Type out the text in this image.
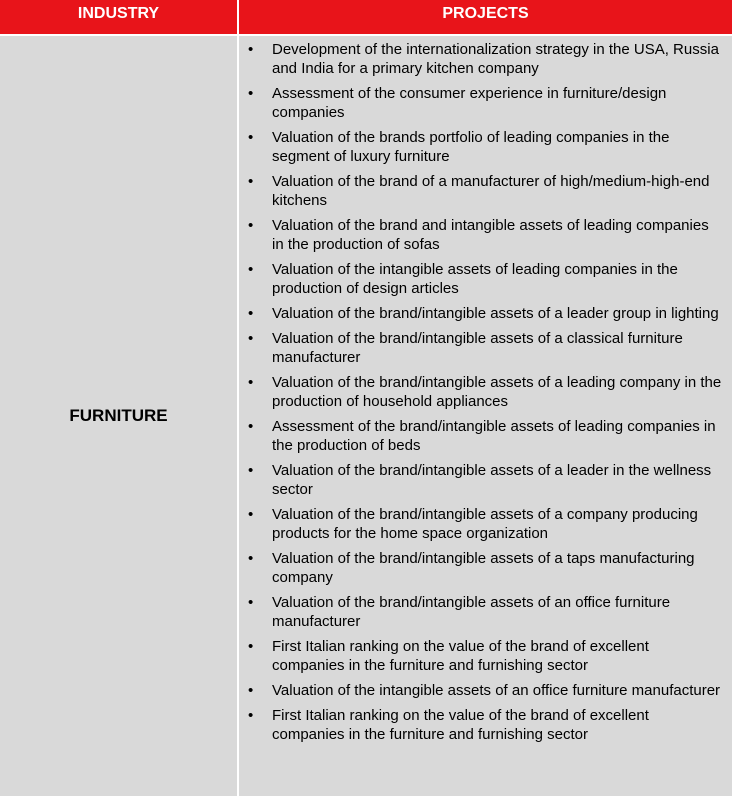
INDUSTRY	PROJECTS
FURNITURE
• Development of the internationalization strategy in the USA, Russia and India for a primary kitchen company
• Assessment of the consumer experience in furniture/design companies
• Valuation of the brands portfolio of leading companies in the segment of luxury furniture
• Valuation of the brand of a manufacturer of high/medium-high-end kitchens
• Valuation of the brand and intangible assets of leading companies in the production of sofas
• Valuation of the intangible assets of leading companies in the production of design articles
• Valuation of the brand/intangible assets of a leader group in lighting
• Valuation of the brand/intangible assets of a classical furniture manufacturer
• Valuation of the brand/intangible assets of a leading company in the production of household appliances
• Assessment of the brand/intangible assets of leading companies in the production of beds
• Valuation of the brand/intangible assets of a leader in the wellness sector
• Valuation of the brand/intangible assets of a company producing products for the home space organization
• Valuation of the brand/intangible assets of a taps manufacturing company
• Valuation of the brand/intangible assets of an office furniture manufacturer
• First Italian ranking on the value of the brand of excellent companies in the furniture and furnishing sector
• Valuation of the intangible assets of an office furniture manufacturer
• First Italian ranking on the value of the brand of excellent companies in the furniture and furnishing sector
